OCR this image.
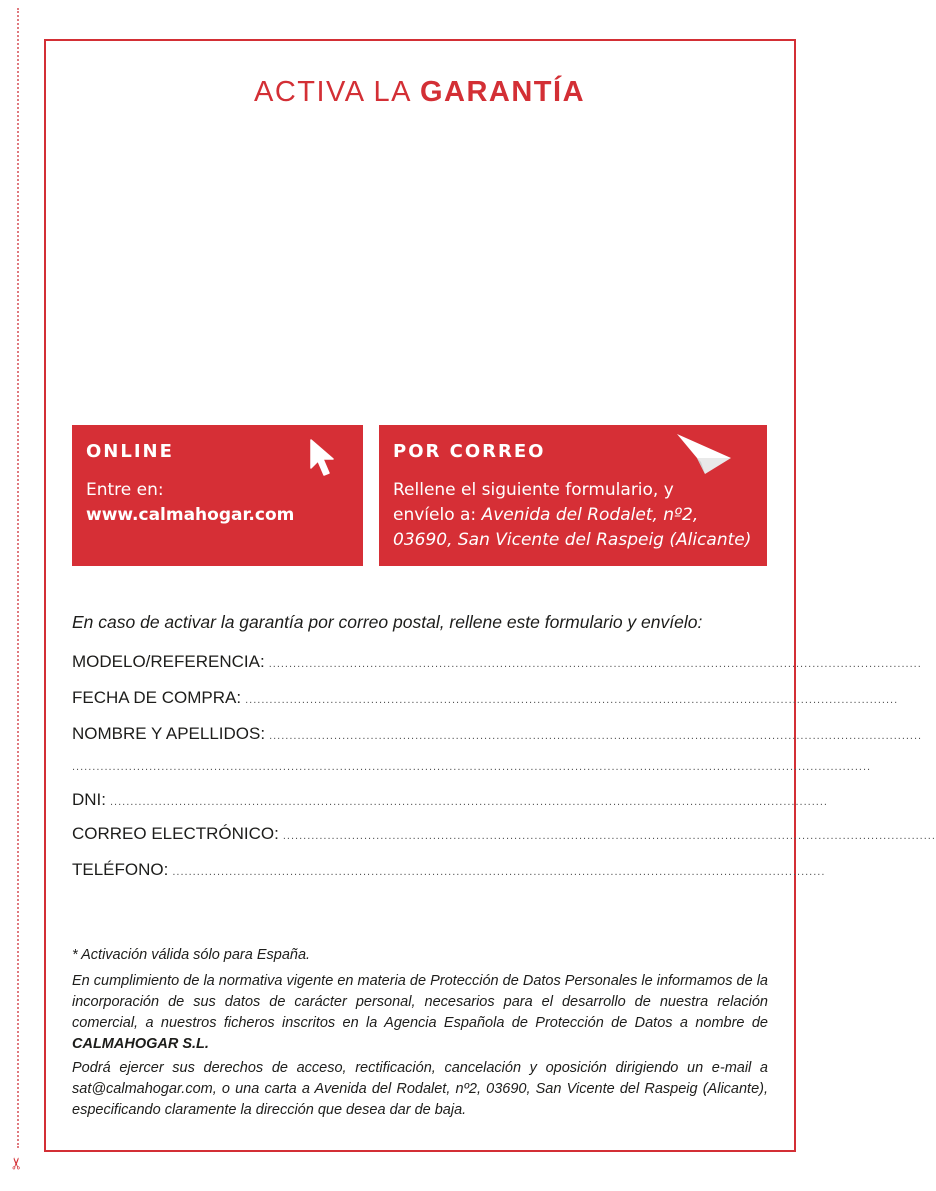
✂
ACTIVA LA GARANTÍA
ONLINE
Entre en:
www.calmahogar.com
POR CORREO
Rellene el siguiente formulario, y
envíelo a: Avenida del Rodalet, nº2,
03690, San Vicente del Raspeig (Alicante)
En caso de activar la garantía por correo postal, rellene este formulario y envíelo:
MODELO/REFERENCIA: .................................................................................................................................................................
FECHA DE COMPRA: .................................................................................................................................................................
NOMBRE Y APELLIDOS: .................................................................................................................................................................
.....................................................................................................................................................................................................
DNI: .................................................................................................................................................................................
CORREO ELECTRÓNICO: .................................................................................................................................................................
TELÉFONO: .................................................................................................................................................................
* Activación válida sólo para España.
En cumplimiento de la normativa vigente en materia de Protección de Datos Personales le informamos de la incorporación de sus datos de carácter personal, necesarios para el desarrollo de nuestra relación comercial, a nuestros ficheros inscritos en la Agencia Española de Protección de Datos a nombre de CALMAHOGAR S.L.
Podrá ejercer sus derechos de acceso, rectificación, cancelación y oposición dirigiendo un e-mail a sat@calmahogar.com, o una carta a Avenida del Rodalet, nº2, 03690, San Vicente del Raspeig (Alicante), especificando claramente la dirección que desea dar de baja.
